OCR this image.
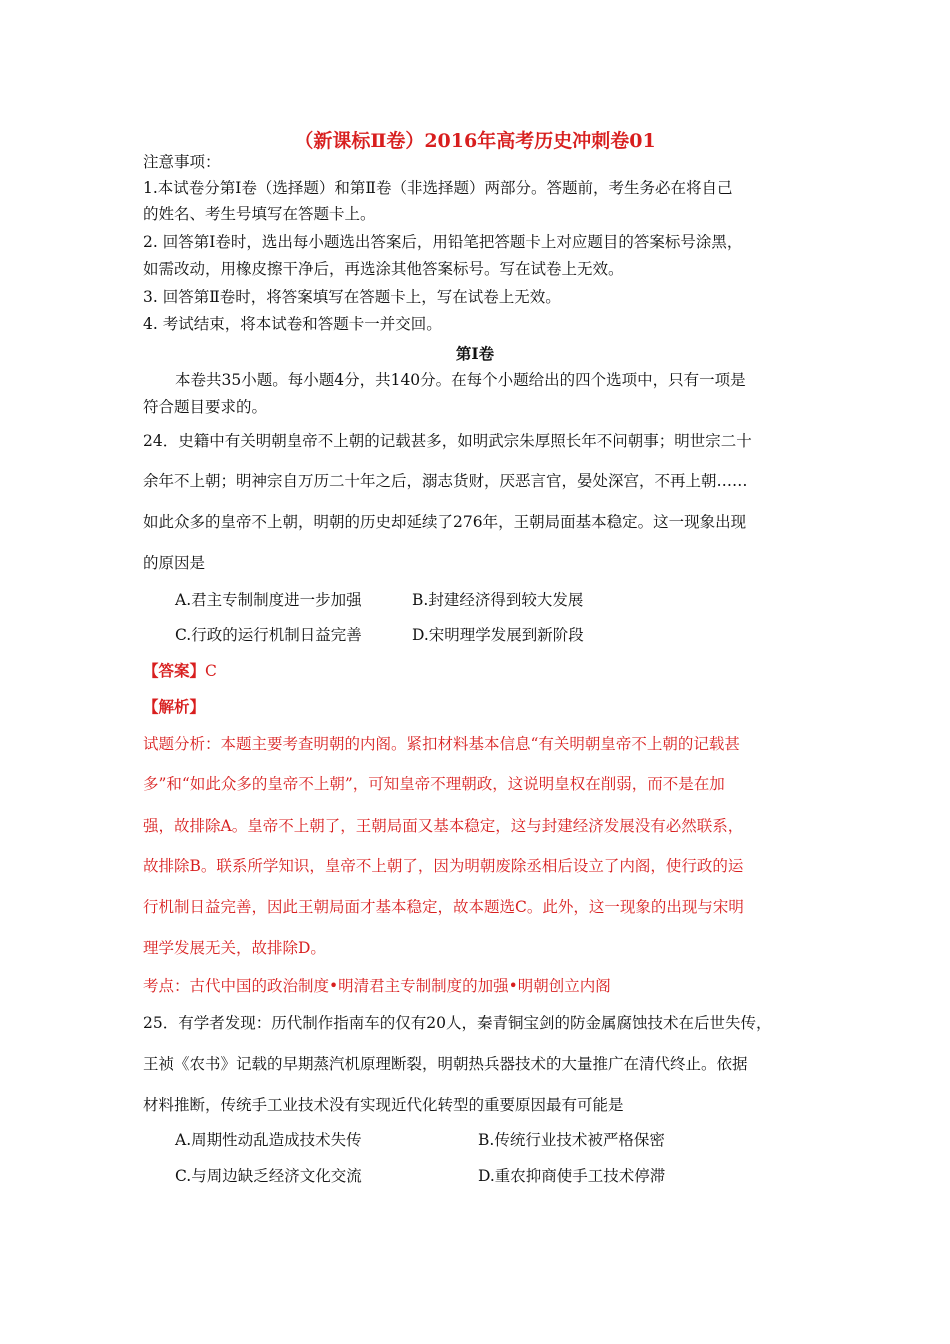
（新课标Ⅱ卷）2016年高考历史冲刺卷01
注意事项：
1.本试卷分第Ⅰ卷（选择题）和第Ⅱ卷（非选择题）两部分。答题前，考生务必在将自己
的姓名、考生号填写在答题卡上。
2. 回答第Ⅰ卷时，选出每小题选出答案后，用铅笔把答题卡上对应题目的答案标号涂黑，
如需改动，用橡皮擦干净后，再选涂其他答案标号。写在试卷上无效。
3. 回答第Ⅱ卷时，将答案填写在答题卡上，写在试卷上无效。
4. 考试结束，将本试卷和答题卡一并交回。
第Ⅰ卷
本卷共35小题。每小题4分，共140分。在每个小题给出的四个选项中，只有一项是
符合题目要求的。
24．史籍中有关明朝皇帝不上朝的记载甚多，如明武宗朱厚照长年不问朝事；明世宗二十
余年不上朝；明神宗自万历二十年之后，溺志货财，厌恶言官，晏处深宫，不再上朝……
如此众多的皇帝不上朝，明朝的历史却延续了276年，王朝局面基本稳定。这一现象出现
的原因是
A.君主专制制度进一步加强	B.封建经济得到较大发展
C.行政的运行机制日益完善	D.宋明理学发展到新阶段
【答案】C
【解析】
试题分析：本题主要考查明朝的内阁。紧扣材料基本信息“有关明朝皇帝不上朝的记载甚
多”和“如此众多的皇帝不上朝”，可知皇帝不理朝政，这说明皇权在削弱，而不是在加
强，故排除A。皇帝不上朝了，王朝局面又基本稳定，这与封建经济发展没有必然联系，
故排除B。联系所学知识，皇帝不上朝了，因为明朝废除丞相后设立了内阁，使行政的运
行机制日益完善，因此王朝局面才基本稳定，故本题选C。此外，这一现象的出现与宋明
理学发展无关，故排除D。
考点：古代中国的政治制度•明清君主专制制度的加强•明朝创立内阁
25．有学者发现：历代制作指南车的仅有20人，秦青铜宝剑的防金属腐蚀技术在后世失传，
王祯《农书》记载的早期蒸汽机原理断裂，明朝热兵器技术的大量推广在清代终止。依据
材料推断，传统手工业技术没有实现近代化转型的重要原因最有可能是
A.周期性动乱造成技术失传	B.传统行业技术被严格保密
C.与周边缺乏经济文化交流	D.重农抑商使手工技术停滞
